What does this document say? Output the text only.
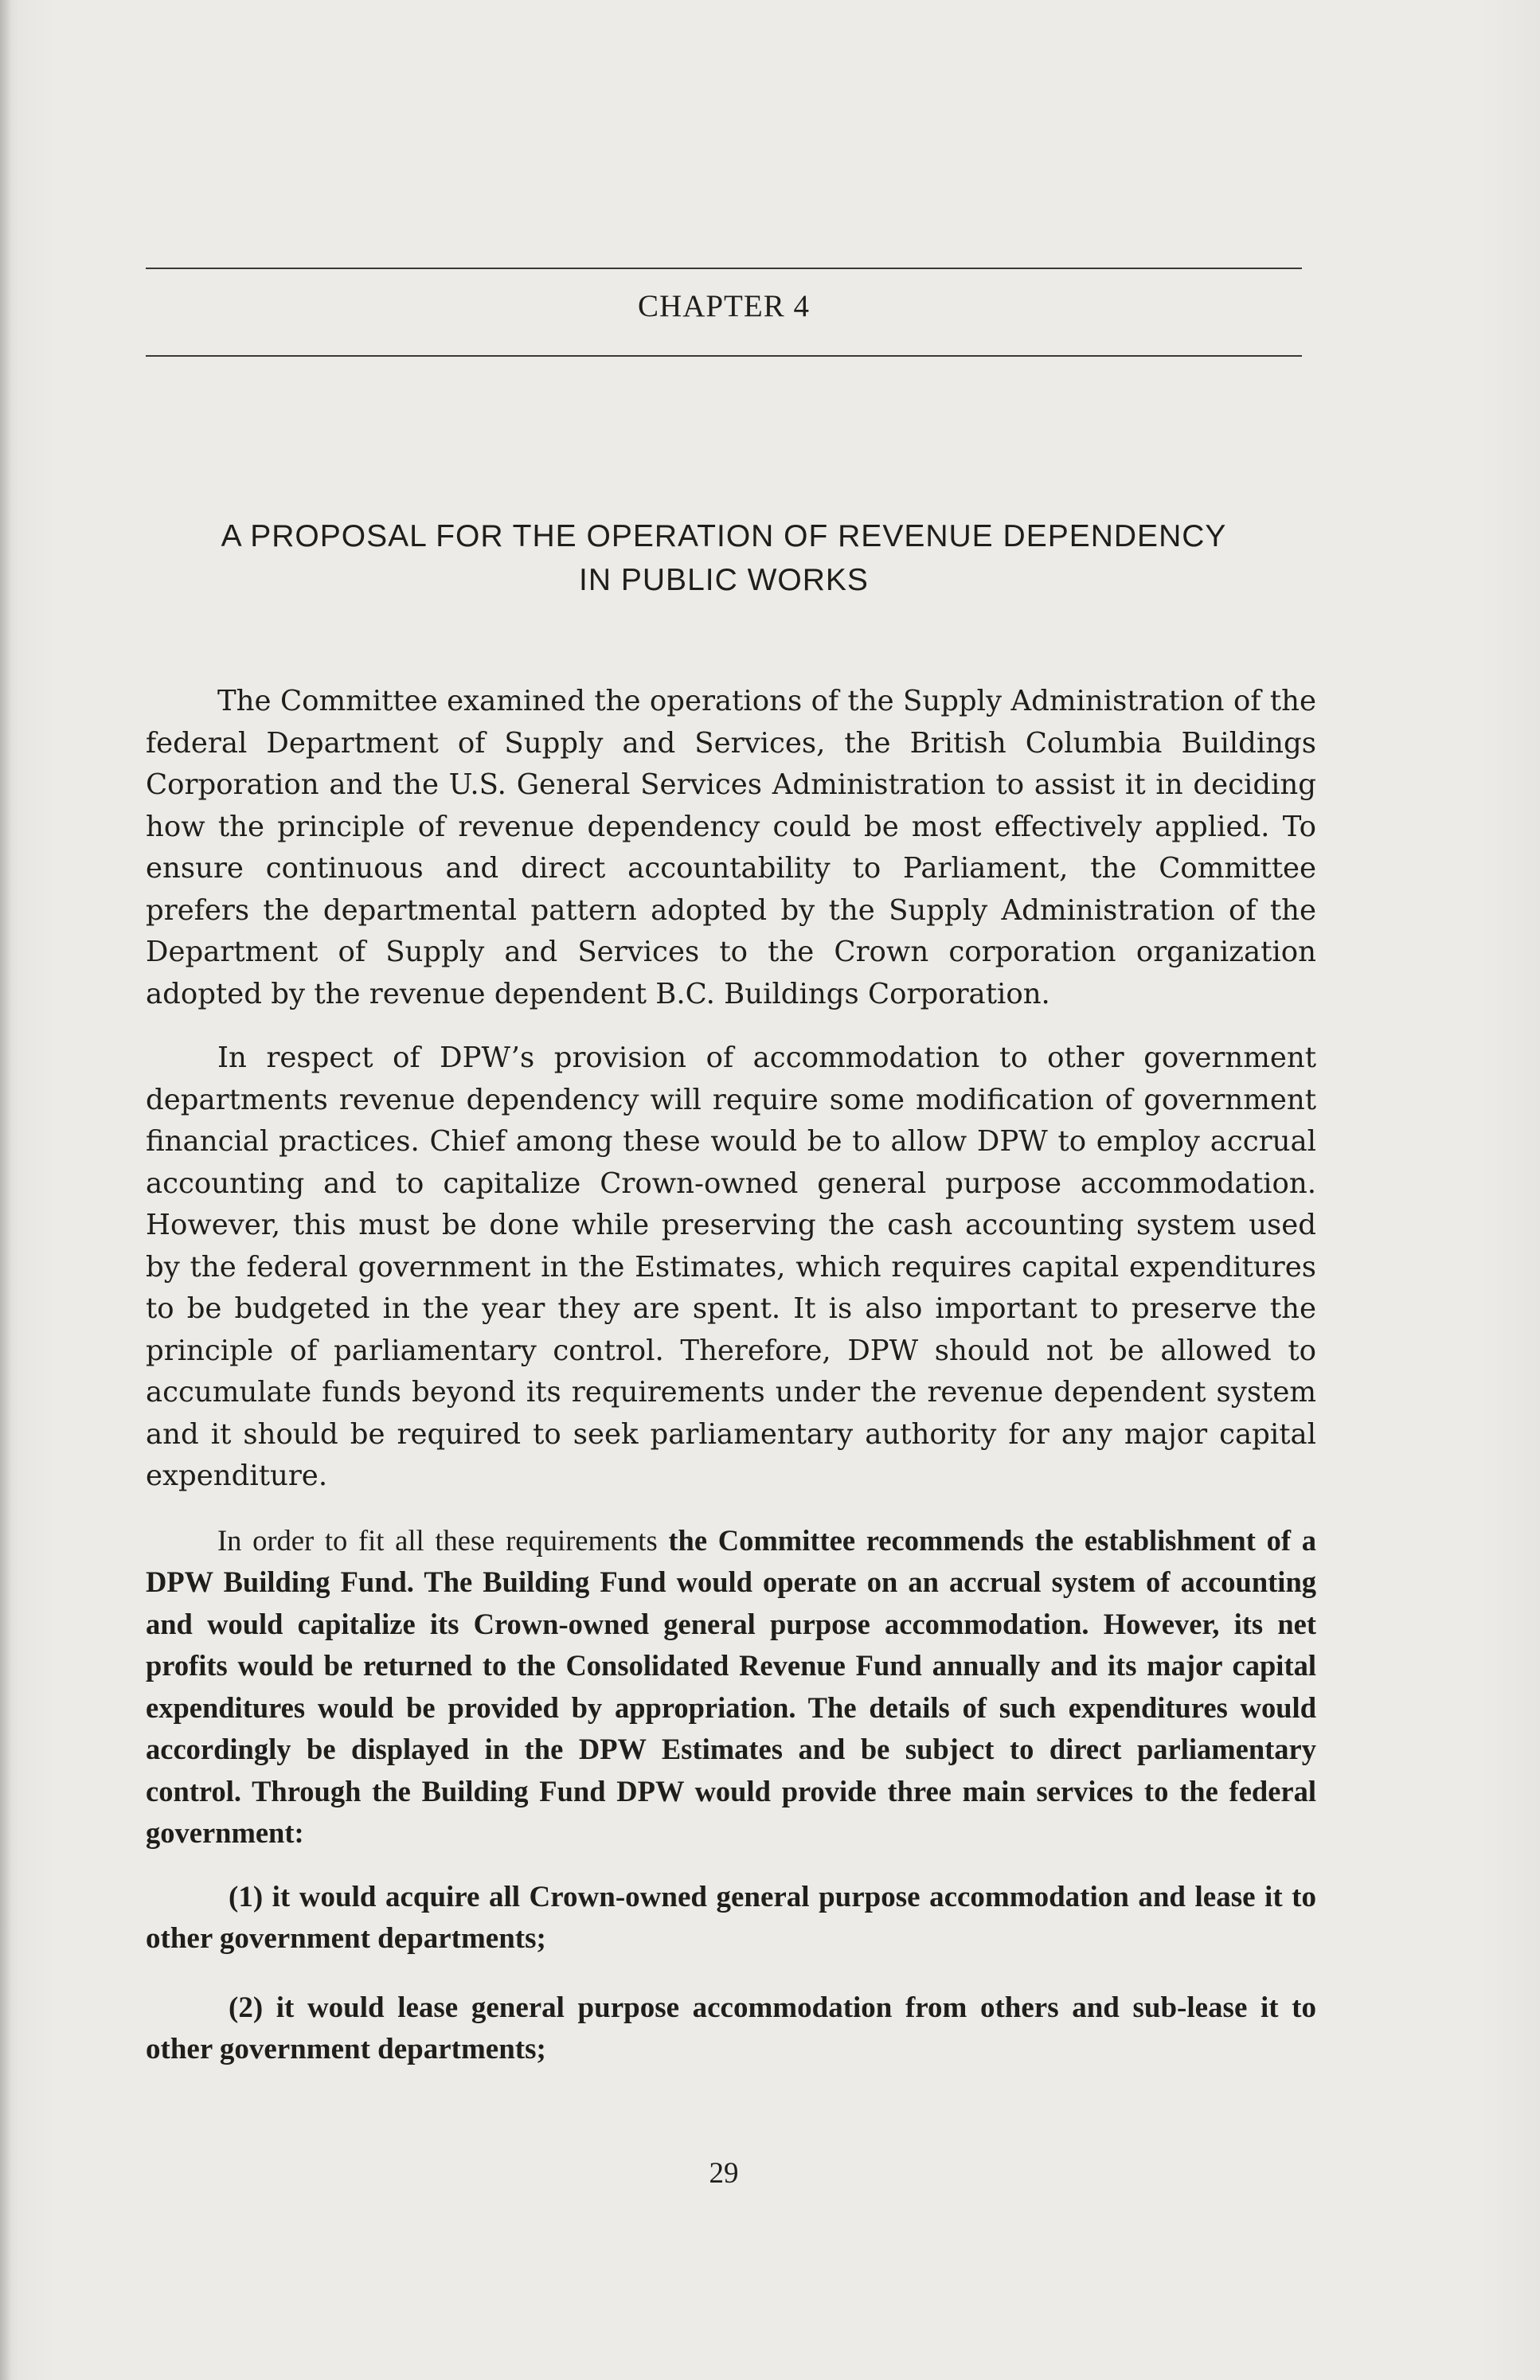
CHAPTER 4
A PROPOSAL FOR THE OPERATION OF REVENUE DEPENDENCY
IN PUBLIC WORKS

The Committee examined the operations of the Supply Administration of the federal Department of Supply and Services, the British Columbia Buildings Corporation and the U.S. General Services Administration to assist it in deciding how the principle of revenue dependency could be most effectively applied. To ensure continuous and direct accountability to Parliament, the Committee prefers the departmental pattern adopted by the Supply Administration of the Department of Supply and Services to the Crown corporation organization adopted by the revenue dependent B.C. Buildings Corporation.

In respect of DPW’s provision of accommodation to other government departments revenue dependency will require some modification of government financial practices. Chief among these would be to allow DPW to employ accrual accounting and to capitalize Crown-owned general purpose accommodation. However, this must be done while preserving the cash accounting system used by the federal government in the Estimates, which requires capital expenditures to be budgeted in the year they are spent. It is also important to preserve the principle of parliamentary control. Therefore, DPW should not be allowed to accumulate funds beyond its requirements under the revenue dependent system and it should be required to seek parliamentary authority for any major capital expenditure.

In order to fit all these requirements the Committee recommends the establishment of a DPW Building Fund. The Building Fund would operate on an accrual system of accounting and would capitalize its Crown-owned general purpose accommodation. However, its net profits would be returned to the Consolidated Revenue Fund annually and its major capital expenditures would be provided by appropriation. The details of such expenditures would accordingly be displayed in the DPW Estimates and be subject to direct parliamentary control. Through the Building Fund DPW would provide three main services to the federal government:

(1) it would acquire all Crown-owned general purpose accommodation and lease it to other government departments;

(2) it would lease general purpose accommodation from others and sub-lease it to other government departments;

29
